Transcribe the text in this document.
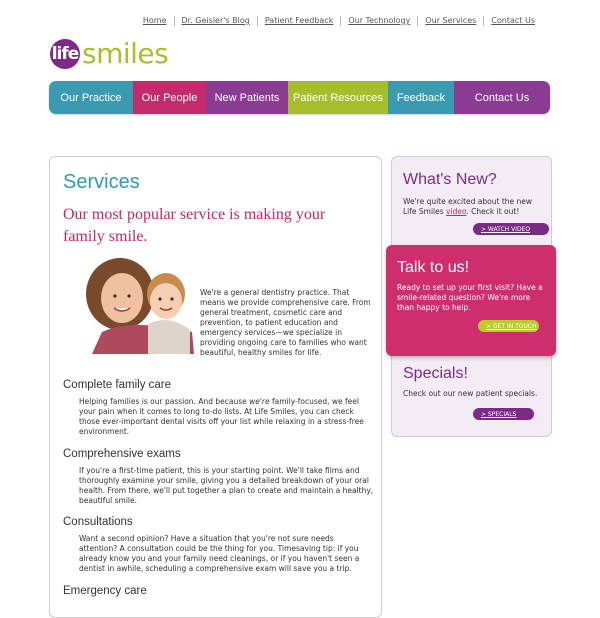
Home	Dr. Geisler's Blog	Patient Feedback	Our Technology	Our Services	Contact Us
life smiles
Our Practice	Our People	New Patients	Patient Resources	Feedback	Contact Us
Services

Our most popular service is making your family smile.

We're a general dentistry practice. That means we provide comprehensive care. From general treatment, cosmetic care and prevention, to patient education and emergency services—we specialize in providing ongoing care to families who want beautiful, healthy smiles for life.

Complete family care

Helping families is our passion. And because we're family-focused, we feel your pain when it comes to long to-do lists. At Life Smiles, you can check those ever-important dental visits off your list while relaxing in a stress-free environment.

Comprehensive exams

If you're a first-time patient, this is your starting point. We'll take films and thoroughly examine your smile, giving you a detailed breakdown of your oral health. From there, we'll put together a plan to create and maintain a healthy, beautiful smile.

Consultations

Want a second opinion? Have a situation that you're not sure needs attention? A consultation could be the thing for you. Timesaving tip: if you already know you and your family need cleanings, or if you haven't seen a dentist in awhile, scheduling a comprehensive exam will save you a trip.

Emergency care
What's New?

We're quite excited about the new Life Smiles video. Check it out!

> WATCH VIDEO
Specials!

Check out our new patient specials.

> SPECIALS
Talk to us!

Ready to set up your first visit? Have a smile-related question? We're more than happy to help.

> GET IN TOUCH
